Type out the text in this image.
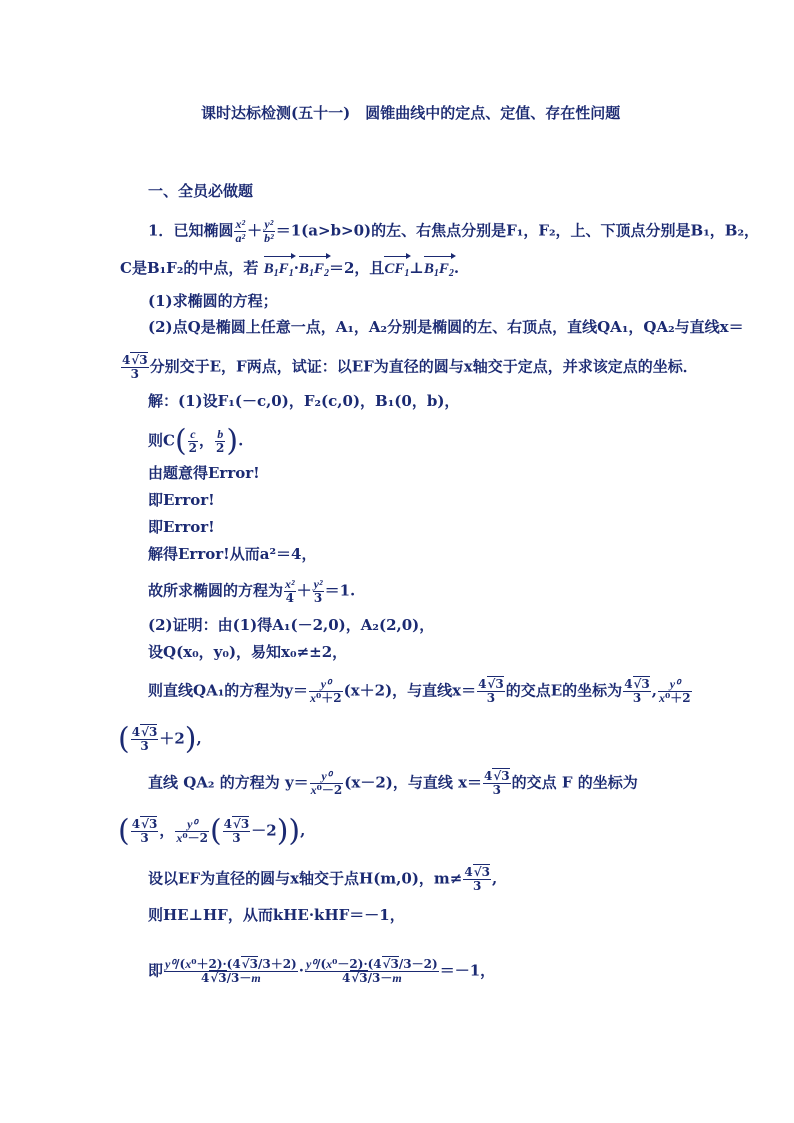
课时达标检测(五十一)　圆锥曲线中的定点、定值、存在性问题
一、全员必做题
1．已知椭圆 $\frac{\text{x²}}{\text{a²}} + \frac{\text{y²}}{\text{b²}} =1(a>b>0)$的左、右焦点分别是F₁，F₂，上、下顶点分别是B₁，B₂，
C是B₁F₂的中点，若 $B_1F_1\cdot B_1F_2=2$，且$CF_1\perp B_1F_2$.
(1)求椭圆的方程；
(2)点Q是椭圆上任意一点，A₁，A₂分别是椭圆的左、右顶点，直线QA₁，QA₂与直线x＝
$\frac{4√3}{3}$ 分别交于E，F两点，试证：以EF为直径的圆与x轴交于定点，并求该定点的坐标．
解：(1)设F₁(－c,0)，F₂(c,0)，B₁(0，b)，
则$C( \frac{c}{2}$ ， $\frac{b}{2}$ ).
由题意得Error!
即Error!
即Error!
解得Error!从而a²＝4，
故所求椭圆的方程为 $\frac{\text{x²}}{4} + \frac{\text{y²}}{3} =1$.
(2)证明：由(1)得A₁(－2,0)，A₂(2,0)，
设Q(x₀，y₀)，易知x₀≠±2，
则直线QA₁的方程为$y= \frac{\text{y⁰}}{\text{x⁰＋2}} (x+2)$，与直线$x= \frac{4√3}{3}$ 的交点E的坐标为 $\frac{4√3}{3}$ , $\frac{\text{y⁰}}{\text{x⁰＋2}}$
( $\frac{4√3}{3} +2$),
直线 QA₂ 的方程为 $y= \frac{\text{y⁰}}{\text{x⁰－2}} (x-2)$，与直线 $x= \frac{4√3}{3}$ 的交点 F 的坐标为
( $\frac{4√3}{3}$ ， $\frac{\text{y⁰}}{\text{x⁰－2}}$ ( $\frac{4√3}{3} -2$)),
设以EF为直径的圆与x轴交于点H(m,0)，$m\ne \frac{4√3}{3}$ ,
则HE⊥HF，从而kHE·kHF＝－1，
即 $\frac{\text{y⁰/(x⁰＋2)·(4√3/3＋2)}}{4√3/3-m} \cdot \frac{\text{y⁰/(x⁰－2)·(4√3/3－2)}}{4√3/3-m} =-1$，
